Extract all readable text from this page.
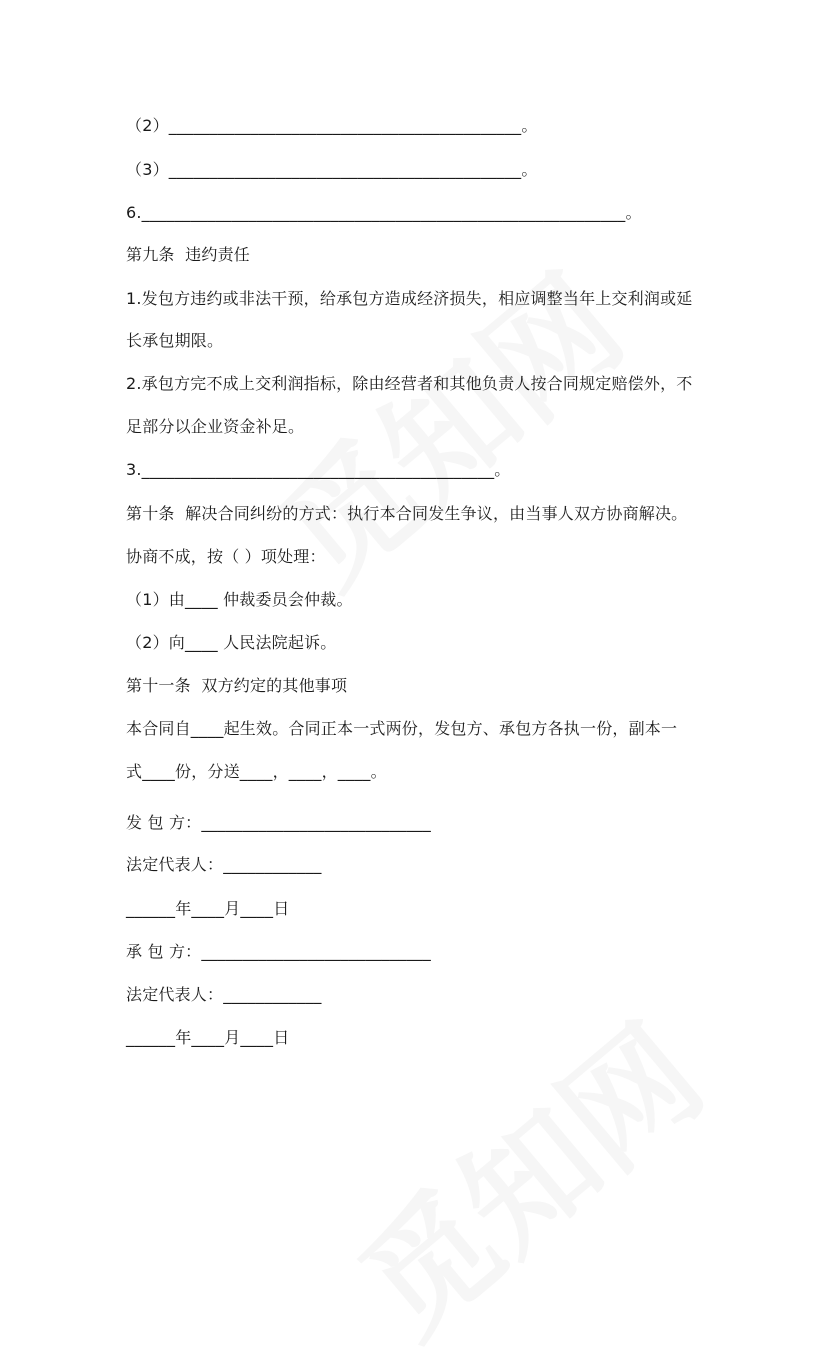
（2）___________________________________________。
（3）___________________________________________。
6.___________________________________________________________。
第九条  违约责任
1.发包方违约或非法干预，给承包方造成经济损失，相应调整当年上交利润或延
长承包期限。
2.承包方完不成上交利润指标，除由经营者和其他负责人按合同规定赔偿外，不
足部分以企业资金补足。
3.___________________________________________。
第十条  解决合同纠纷的方式：执行本合同发生争议，由当事人双方协商解决。
协商不成，按（ ）项处理：
（1）由____ 仲裁委员会仲裁。
（2）向____ 人民法院起诉。
第十一条  双方约定的其他事项
本合同自____起生效。合同正本一式两份，发包方、承包方各执一份，副本一
式____份，分送____，____，____。
发 包 方：____________________________
法定代表人：____________
______年____月____日
承 包 方：____________________________
法定代表人：____________
______年____月____日
